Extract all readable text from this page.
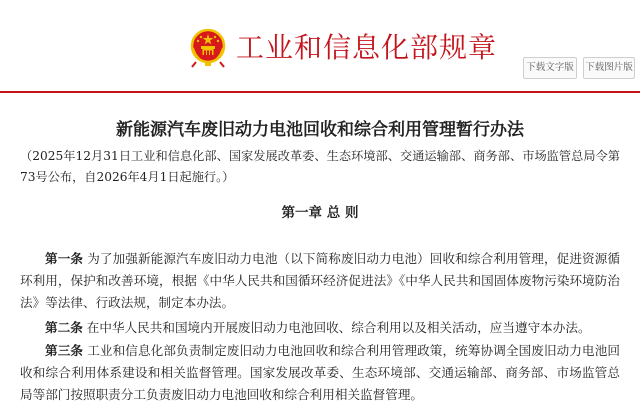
工业和信息化部规章
下载文字版	下载图片版
新能源汽车废旧动力电池回收和综合利用管理暂行办法
（2025年12月31日工业和信息化部、国家发展改革委、生态环境部、交通运输部、商务部、市场监管总局令第73号公布，自2026年4月1日起施行。）
第一章 总 则

第一条 为了加强新能源汽车废旧动力电池（以下简称废旧动力电池）回收和综合利用管理，促进资源循环利用，保护和改善环境，根据《中华人民共和国循环经济促进法》《中华人民共和国固体废物污染环境防治法》等法律、行政法规，制定本办法。

第二条 在中华人民共和国境内开展废旧动力电池回收、综合利用以及相关活动，应当遵守本办法。

第三条 工业和信息化部负责制定废旧动力电池回收和综合利用管理政策，统筹协调全国废旧动力电池回收和综合利用体系建设和相关监督管理。国家发展改革委、生态环境部、交通运输部、商务部、市场监管总局等部门按照职责分工负责废旧动力电池回收和综合利用相关监督管理。
